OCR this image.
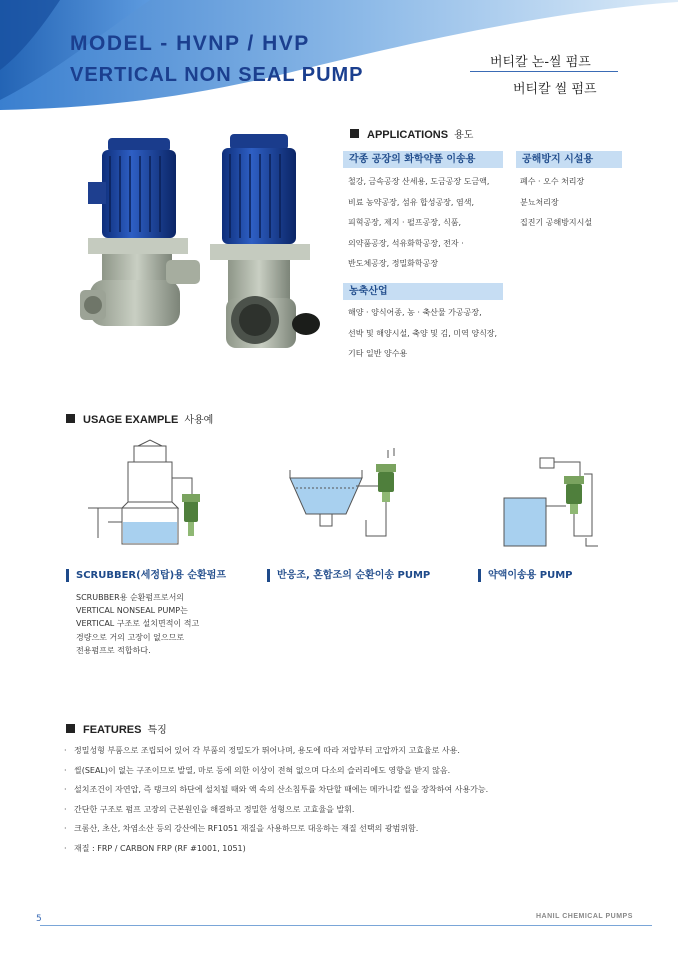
MODEL - HVNP / HVP
VERTICAL NON SEAL PUMP
버티칼 논-씰 펌프
버티칼 씰 펌프
APPLICATIONS 용도
각종 공장의 화학약품 이송용
철강, 금속공장 산세용, 도금공장 도금액,
비료 농약공장, 섬유 합성공장, 염색,
피혁공장, 제지 · 펄프공장, 식품,
의약품공장, 석유화학공장, 전자 ·
반도체공장, 정밀화학공장
공해방지 시설용
폐수 · 오수 처리장
분뇨처리장
집진기 공해방지시설
농축산업
해양 · 양식어종, 농 · 축산물 가공공장,
선박 및 해양시설, 축양 및 김, 미역 양식장,
기타 일반 양수용
USAGE EXAMPLE 사용예
SCRUBBER(세정탑)용 순환펌프	반응조, 혼합조의 순환이송 PUMP	약액이송용 PUMP
SCRUBBER용 순환펌프로서의
VERTICAL NONSEAL PUMP는
VERTICAL 구조로 설치면적이 적고
경량으로 거의 고장이 없으므로
전용펌프로 적합하다.
FEATURES 특징
· 정밀성형 부품으로 조립되어 있어 각 부품의 정밀도가 뛰어나며, 용도에 따라 저압부터 고압까지 고효율로 사용.
· 씰(SEAL)이 없는 구조이므로 발열, 마로 등에 의한 이상이 전혀 없으며 다소의 슬러리에도 영향을 받지 않음.
· 설치조건이 자연압, 즉 탱크의 하단에 설치될 때와 액 속의 산소침투를 차단할 때에는 메카니칼 씰을 장착하여 사용가능.
· 간단한 구조로 펌프 고장의 근본원인을 해결하고 정밀한 성형으로 고효율을 발휘.
· 크롬산, 초산, 차염소산 등의 강산에는 RF1051 재질을 사용하므로 대응하는 재질 선택의 광범위함.
· 재질 : FRP / CARBON FRP (RF #1001, 1051)
5	HANIL CHEMICAL PUMPS
